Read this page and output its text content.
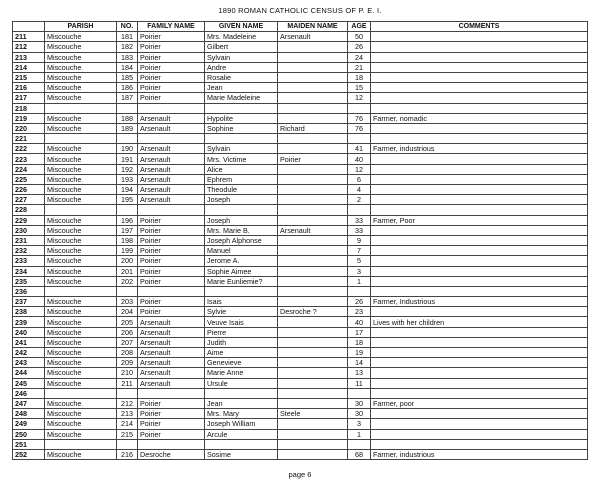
1890 ROMAN CATHOLIC CENSUS OF P. E. I.
	PARISH	NO.	FAMILY NAME	GIVEN NAME	MAIDEN NAME	AGE	COMMENTS
211	Miscouche	181	Poirier	Mrs. Madeleine	Arsenault	50	
212	Miscouche	182	Poirier	Gilbert		26	
213	Miscouche	183	Poirier	Sylvain		24	
214	Miscouche	184	Poirier	Andre		21	
215	Miscouche	185	Poirier	Rosalie		18	
216	Miscouche	186	Poirier	Jean		15	
217	Miscouche	187	Poirier	Marie Madeleine		12	
218							
219	Miscouche	188	Arsenault	Hypolite		76	Farmer, nomadic
220	Miscouche	189	Arsenault	Sophine	Richard	76	
221							
222	Miscouche	190	Arsenault	Sylvain		41	Farmer, industrious
223	Miscouche	191	Arsenault	Mrs. Victime	Poirier	40	
224	Miscouche	192	Arsenault	Alice		12	
225	Miscouche	193	Arsenault	Ephrem		6	
226	Miscouche	194	Arsenault	Theodule		4	
227	Miscouche	195	Arsenault	Joseph		2	
228							
229	Miscouche	196	Poirier	Joseph		33	Farmer, Poor
230	Miscouche	197	Poirier	Mrs. Marie B.	Arsenault	33	
231	Miscouche	198	Poirier	Joseph Alphonse		9	
232	Miscouche	199	Poirier	Manuel		7	
233	Miscouche	200	Poirier	Jerome A.		5	
234	Miscouche	201	Poirier	Sophie Aimee		3	
235	Miscouche	202	Poirier	Marie Eunliemie?		1	
236							
237	Miscouche	203	Poirier	Isais		26	Farmer, Industrious
238	Miscouche	204	Poirier	Sylvie	Desroche ?	23	
239	Miscouche	205	Arsenault	Veuve Isais		40	Lives with her children
240	Miscouche	206	Arsenault	Pierre		17	
241	Miscouche	207	Arsenault	Judith		18	
242	Miscouche	208	Arsenault	Aime		19	
243	Miscouche	209	Arsenault	Genevieve		14	
244	Miscouche	210	Arsenault	Marie Anne		13	
245	Miscouche	211	Arsenault	Ursule		11	
246							
247	Miscouche	212	Poirier	Jean		30	Farmer, poor
248	Miscouche	213	Poirier	Mrs. Mary	Steele	30	
249	Miscouche	214	Poirier	Joseph William		3	
250	Miscouche	215	Poirier	Arcule		1	
251							
252	Miscouche	216	Desroche	Sosime		68	Farmer, industrious
page 6
